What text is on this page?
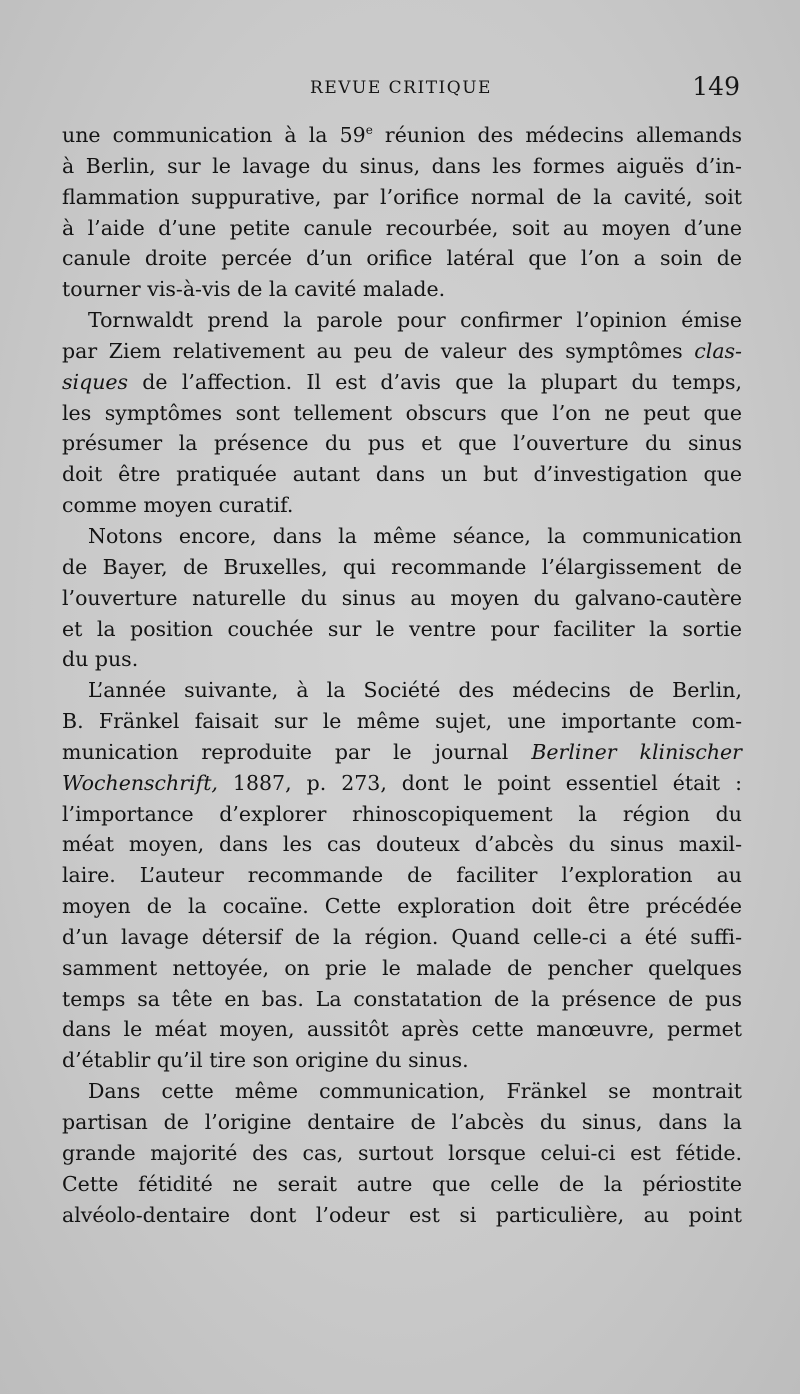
REVUE CRITIQUE	149
une communication à la 59e réunion des médecins allemands
à Berlin, sur le lavage du sinus, dans les formes aiguës d’in-
flammation suppurative, par l’orifice normal de la cavité, soit
à l’aide d’une petite canule recourbée, soit au moyen d’une
canule droite percée d’un orifice latéral que l’on a soin de
tourner vis-à-vis de la cavité malade.
Tornwaldt prend la parole pour confirmer l’opinion émise
par Ziem relativement au peu de valeur des symptômes clas-
siques de l’affection. Il est d’avis que la plupart du temps,
les symptômes sont tellement obscurs que l’on ne peut que
présumer la présence du pus et que l’ouverture du sinus
doit être pratiquée autant dans un but d’investigation que
comme moyen curatif.
Notons encore, dans la même séance, la communication
de Bayer, de Bruxelles, qui recommande l’élargissement de
l’ouverture naturelle du sinus au moyen du galvano-cautère
et la position couchée sur le ventre pour faciliter la sortie
du pus.
L’année suivante, à la Société des médecins de Berlin,
B. Fränkel faisait sur le même sujet, une importante com-
munication reproduite par le journal Berliner klinischer
Wochenschrift, 1887, p. 273, dont le point essentiel était :
l’importance d’explorer rhinoscopiquement la région du
méat moyen, dans les cas douteux d’abcès du sinus maxil-
laire. L’auteur recommande de faciliter l’exploration au
moyen de la cocaïne. Cette exploration doit être précédée
d’un lavage détersif de la région. Quand celle-ci a été suffi-
samment nettoyée, on prie le malade de pencher quelques
temps sa tête en bas. La constatation de la présence de pus
dans le méat moyen, aussitôt après cette manœuvre, permet
d’établir qu’il tire son origine du sinus.
Dans cette même communication, Fränkel se montrait
partisan de l’origine dentaire de l’abcès du sinus, dans la
grande majorité des cas, surtout lorsque celui-ci est fétide.
Cette fétidité ne serait autre que celle de la périostite
alvéolo-dentaire dont l’odeur est si particulière, au point
